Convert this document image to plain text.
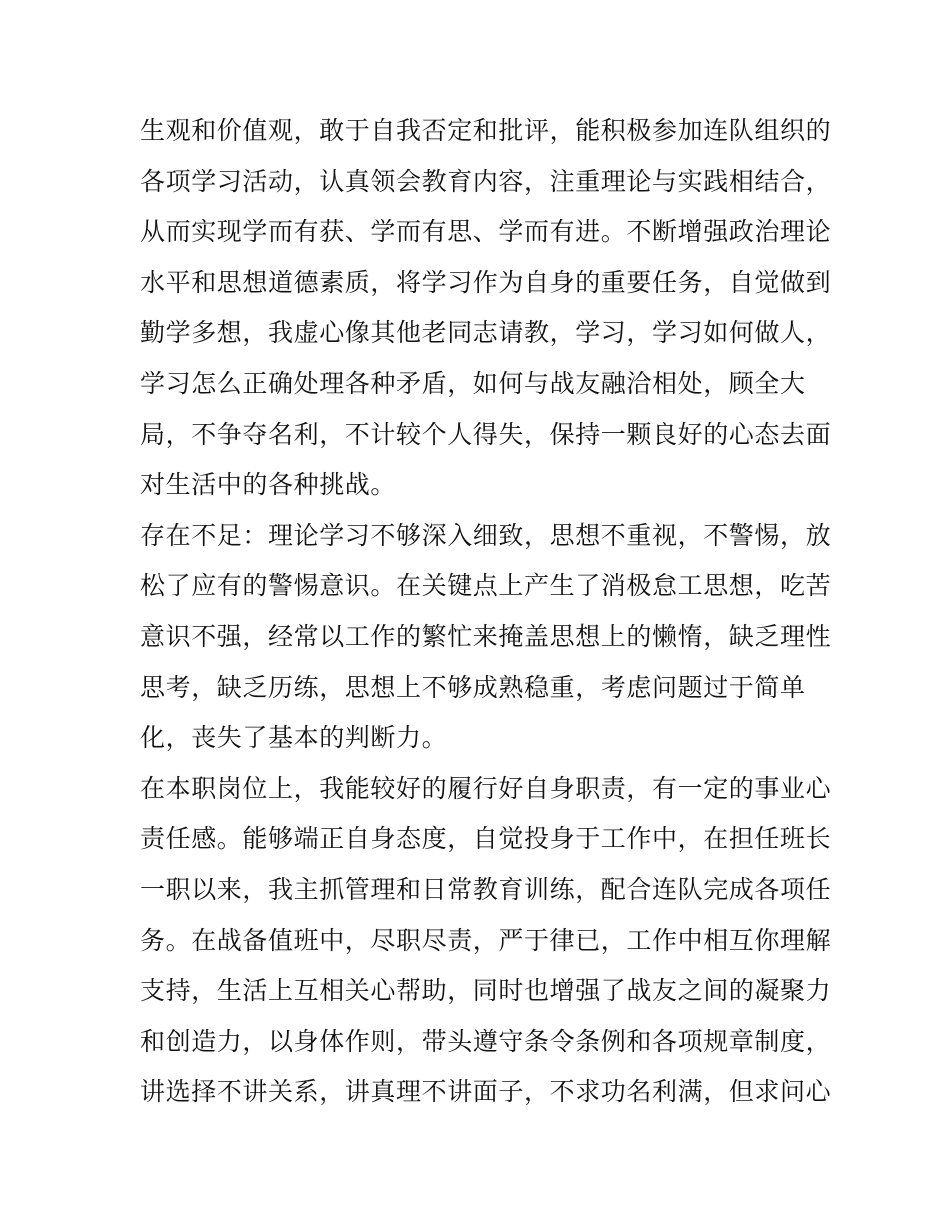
生观和价值观，敢于自我否定和批评，能积极参加连队组织的
各项学习活动，认真领会教育内容，注重理论与实践相结合，
从而实现学而有获、学而有思、学而有进。不断增强政治理论
水平和思想道德素质，将学习作为自身的重要任务，自觉做到
勤学多想，我虚心像其他老同志请教，学习，学习如何做人，
学习怎么正确处理各种矛盾，如何与战友融洽相处，顾全大
局，不争夺名利，不计较个人得失，保持一颗良好的心态去面
对生活中的各种挑战。
存在不足：理论学习不够深入细致，思想不重视，不警惕，放
松了应有的警惕意识。在关键点上产生了消极怠工思想，吃苦
意识不强，经常以工作的繁忙来掩盖思想上的懒惰，缺乏理性
思考，缺乏历练，思想上不够成熟稳重，考虑问题过于简单
化，丧失了基本的判断力。
在本职岗位上，我能较好的履行好自身职责，有一定的事业心
责任感。能够端正自身态度，自觉投身于工作中，在担任班长
一职以来，我主抓管理和日常教育训练，配合连队完成各项任
务。在战备值班中，尽职尽责，严于律已，工作中相互你理解
支持，生活上互相关心帮助，同时也增强了战友之间的凝聚力
和创造力，以身体作则，带头遵守条令条例和各项规章制度，
讲选择不讲关系，讲真理不讲面子，不求功名利满，但求问心
